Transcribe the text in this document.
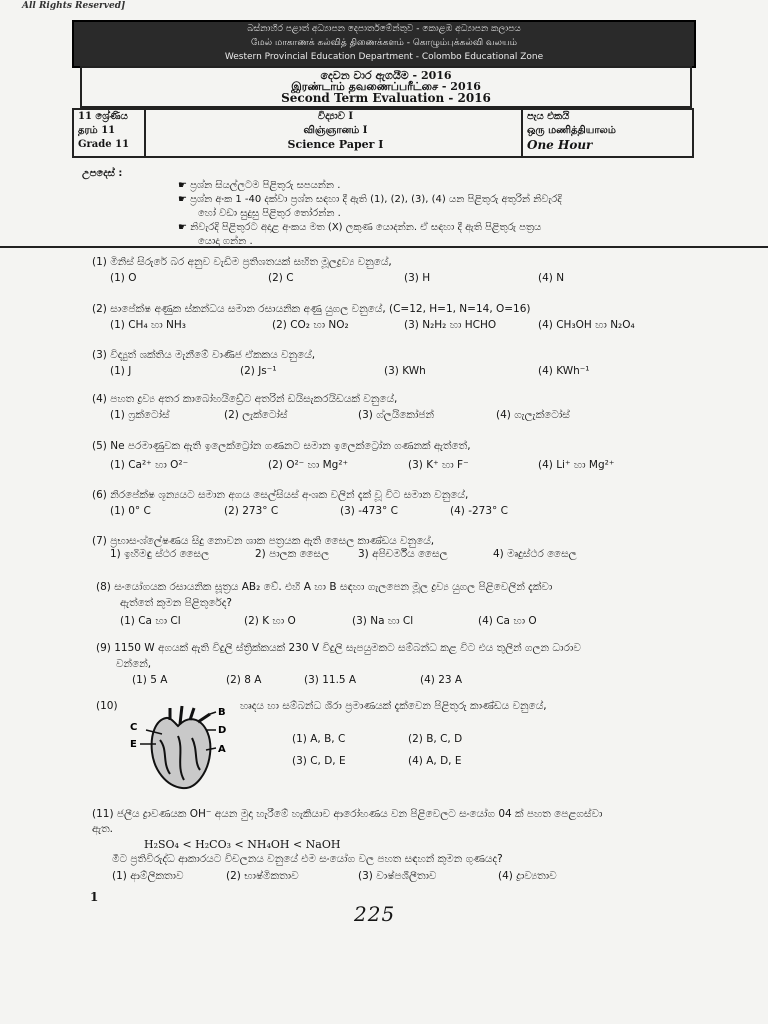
All Rights Reserved]
බස්නාහිර පළාත් අධ්‍යාපන දෙපාර්තමේන්තුව - කොළඹ අධ්‍යාපන කලාපය
மேல் மாகாணக் கல்வித் திணைக்களம் - கொழும்புக்கல்வி வலயம்
Western Provincial Education Department - Colombo Educational Zone
දෙවන වාර ඇගයීම - 2016
இரண்டாம் தவணைப்பரீட்சை - 2016
Second Term Evaluation - 2016
11 ශ්‍රේණිය
தரம் 11
Grade 11
විද්‍යාව I
விஞ்ஞானம் I
Science Paper I
පැය එකයි
ஒரு மணித்தியாலம்
One Hour
උපදෙස් :
☛ ප්‍රශ්න සියල්ලටම පිළිතුරු සපයන්න .
☛ ප්‍රශ්න අංක 1 -40 දක්වා ප්‍රශ්න සඳහා දී ඇති (1), (2), (3), (4) යන පිළිතුරු අතුරින් නිවැරදි
හෝ වඩා සුදුසු පිළිතුර තෝරන්න .
☛ නිවැරදි පිළිතුරට අදාළ අංකය මත (X) ලකුණ යොදන්න. ඒ සඳහා දී ඇති පිළිතුරු පත්‍රය
යොදා ගන්න .
(1) මිනිස් සිරුරේ බර අනුව වැඩිම ප්‍රතිශතයක් සහිත මූලද්‍රව්‍ය වනුයේ,
(1) O	(2) C	(3) H	(4) N
(2) සාපේක්ෂ අණුක ස්කන්ධය සමාන රසායනික අණු යුගල වනුයේ, (C=12, H=1, N=14, O=16)
(1) CH₄ හා NH₃	(2) CO₂ හා NO₂	(3) N₂H₂ හා HCHO	(4) CH₃OH හා N₂O₄
(3) විද්‍යුත් ශක්තිය මැනීමේ වාණිජ ඒකකය වනුයේ,
(1) J	(2) Js⁻¹	(3) KWh	(4) KWh⁻¹
(4) පහත ද්‍රව්‍ය අතර කාබෝහයිඩ්‍රේට අතරින් ඩයිසැකරයිඩයක් වනුයේ,
(1) ෆ්‍රක්ටෝස්	(2) ලැක්ටෝස්	(3) ග්ලයිකෝජන්	(4) ගැලැක්ටෝස්
(5) Ne පරමාණුවක ඇති ඉලෙක්ට්‍රෝන ගණනට සමාන ඉලෙක්ට්‍රෝන ගණනක් ඇත්තේ,
(1) Ca²⁺ හා O²⁻	(2) O²⁻ හා Mg²⁺	(3) K⁺ හා F⁻	(4) Li⁺ හා Mg²⁺
(6) නිරපේක්ෂ ශූන්‍යයට සමාන අගය සෙල්සියස් අංශක වලින් දැක් වූ විට සමාන වනුයේ,
(1) 0° C	(2) 273° C	(3) -473° C	(4) -273° C
(7) ප්‍රභාසංශ්ලේෂණය සිදු නොවන ශාක පත්‍රයක ඇති සෛල කාණ්ඩය වනුයේ,
1) ඉහිමඳු ස්ථර සෛල	2) පාලක සෛල	3) අපිචර්මීය සෛල	4) මෘදුස්ථර සෛල
(8) සංයෝගයක රසායනික සූත්‍රය AB₂ වේ. එහි A හා B සඳහා ගැලපෙන මූල ද්‍රව්‍ය යුගල පිළිවෙලින් දැක්වා
ඇත්තේ කුමන පිළිතුරේද?
(1) Ca හා Cl	(2) K හා O	(3) Na හා Cl	(4) Ca හා O
(9) 1150 W අගයක් ඇති විදුලි ස්ත්‍රික්කයක් 230 V විදුලි සැපයුමකට සම්බන්ධ කළ විට එය තුලින් ගලන ධාරාව
වන්නේ,
(1) 5 A	(2) 8 A	(3) 11.5 A	(4) 23 A
(10)	හෘදය හා සම්බන්ධ ශිරා ප්‍රමාණයක් දැක්වෙන පිළිතුරු කාණ්ඩය වනුයේ,
B
C	D
E	A
(1) A, B, C	(2) B, C, D
(3) C, D, E	(4) A, D, E
(11) ජලීය ද්‍රාවණයක OH⁻ අයන මුදා හැරීමේ හැකියාව ආරෝහණය වන පිළිවෙලට සංයෝග 04 ක් පහත පෙළගස්වා
ඇත.
H₂SO₄ < H₂CO₃ < NH₄OH < NaOH
මීට ප්‍රතිවිරුද්ධ ආකාරයට විචලනය වනුයේ එම සංයෝග වල පහත සඳහන් කුමන ගුණයද?
(1) ආම්ලිකතාව	(2) භාෂ්මිකතාව	(3) වාෂ්පශීලීතාව	(4) ද්‍රාව්‍යතාව
1
225
